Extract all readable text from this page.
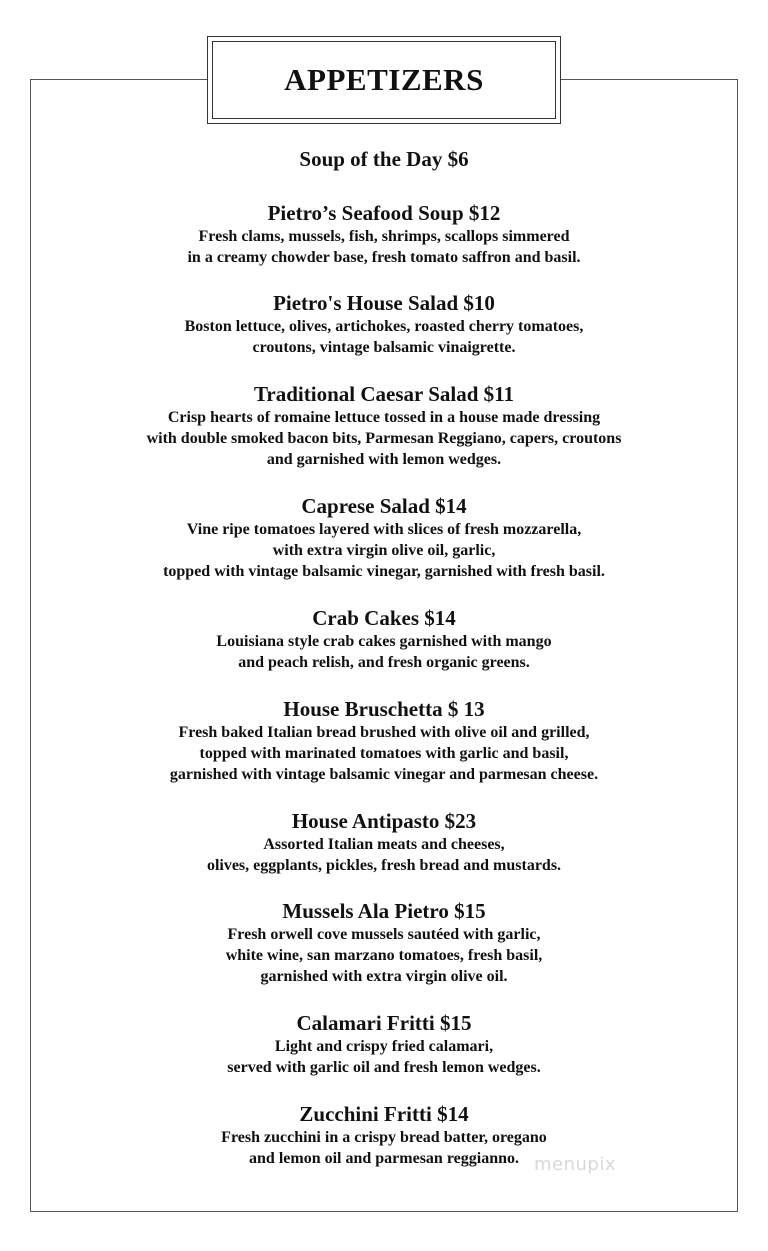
APPETIZERS
Soup of the Day $6
Pietro’s Seafood Soup $12
Fresh clams, mussels, fish, shrimps, scallops simmered
in a creamy chowder base, fresh tomato saffron and basil.
Pietro's House Salad $10
Boston lettuce, olives, artichokes, roasted cherry tomatoes,
croutons, vintage balsamic vinaigrette.
Traditional Caesar Salad $11
Crisp hearts of romaine lettuce tossed in a house made dressing
with double smoked bacon bits, Parmesan Reggiano, capers, croutons
and garnished with lemon wedges.
Caprese Salad $14
Vine ripe tomatoes layered with slices of fresh mozzarella,
with extra virgin olive oil, garlic,
topped with vintage balsamic vinegar, garnished with fresh basil.
Crab Cakes $14
Louisiana style crab cakes garnished with mango
and peach relish, and fresh organic greens.
House Bruschetta $ 13
Fresh baked Italian bread brushed with olive oil and grilled,
topped with marinated tomatoes with garlic and basil,
garnished with vintage balsamic vinegar and parmesan cheese.
House Antipasto $23
Assorted Italian meats and cheeses,
olives, eggplants, pickles, fresh bread and mustards.
Mussels Ala Pietro $15
Fresh orwell cove mussels sautéed with garlic,
white wine, san marzano tomatoes, fresh basil,
garnished with extra virgin olive oil.
Calamari Fritti $15
Light and crispy fried calamari,
served with garlic oil and fresh lemon wedges.
Zucchini Fritti $14
Fresh zucchini in a crispy bread batter, oregano
and lemon oil and parmesan reggianno. menupix
